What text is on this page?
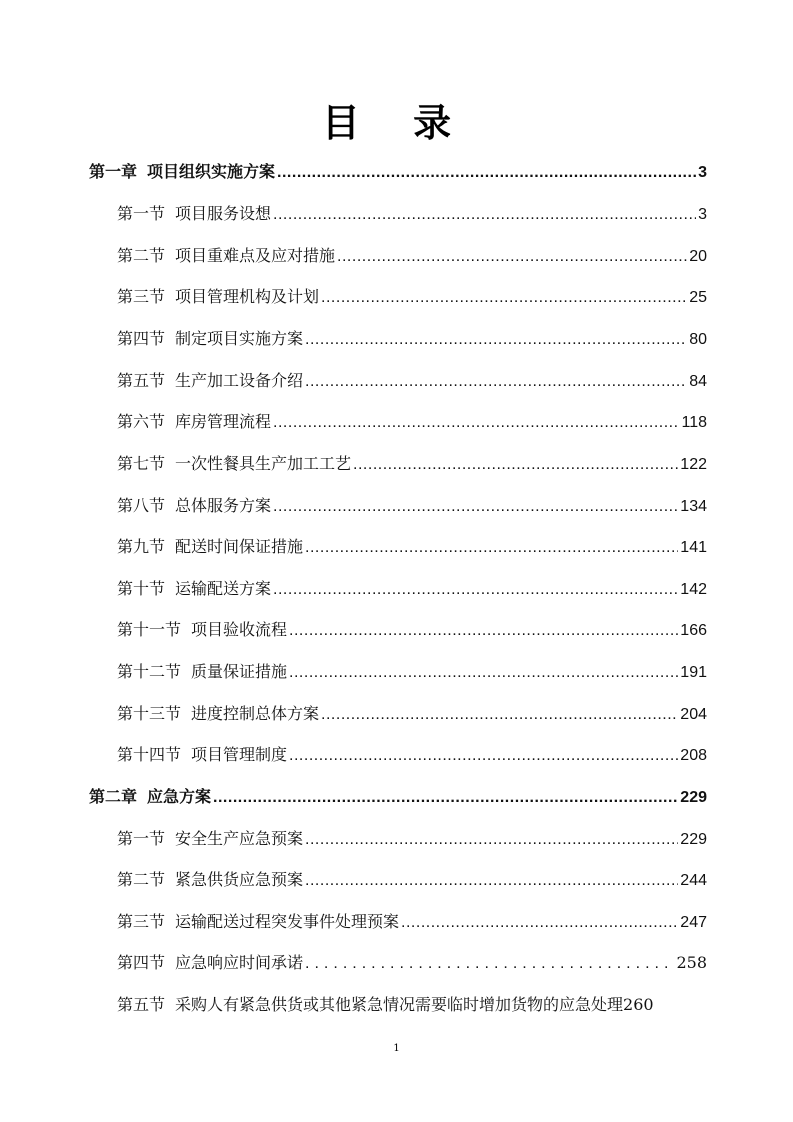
目 录
第一章 项目组织实施方案 .....	3
第一节 项目服务设想 .....	3
第二节 项目重难点及应对措施 .....	20
第三节 项目管理机构及计划 .....	25
第四节 制定项目实施方案 .....	80
第五节 生产加工设备介绍 .....	84
第六节 库房管理流程 .....	118
第七节 一次性餐具生产加工工艺 .....	122
第八节 总体服务方案 .....	134
第九节 配送时间保证措施 .....	141
第十节 运输配送方案 .....	142
第十一节 项目验收流程 .....	166
第十二节 质量保证措施 .....	191
第十三节 进度控制总体方案 .....	204
第十四节 项目管理制度 .....	208
第二章 应急方案 .....	229
第一节 安全生产应急预案 .....	229
第二节 紧急供货应急预案 .....	244
第三节 运输配送过程突发事件处理预案 .....	247
第四节 应急响应时间承诺 .....	258
第五节 采购人有紧急供货或其他紧急情况需要临时增加货物的应急处理 260
1
